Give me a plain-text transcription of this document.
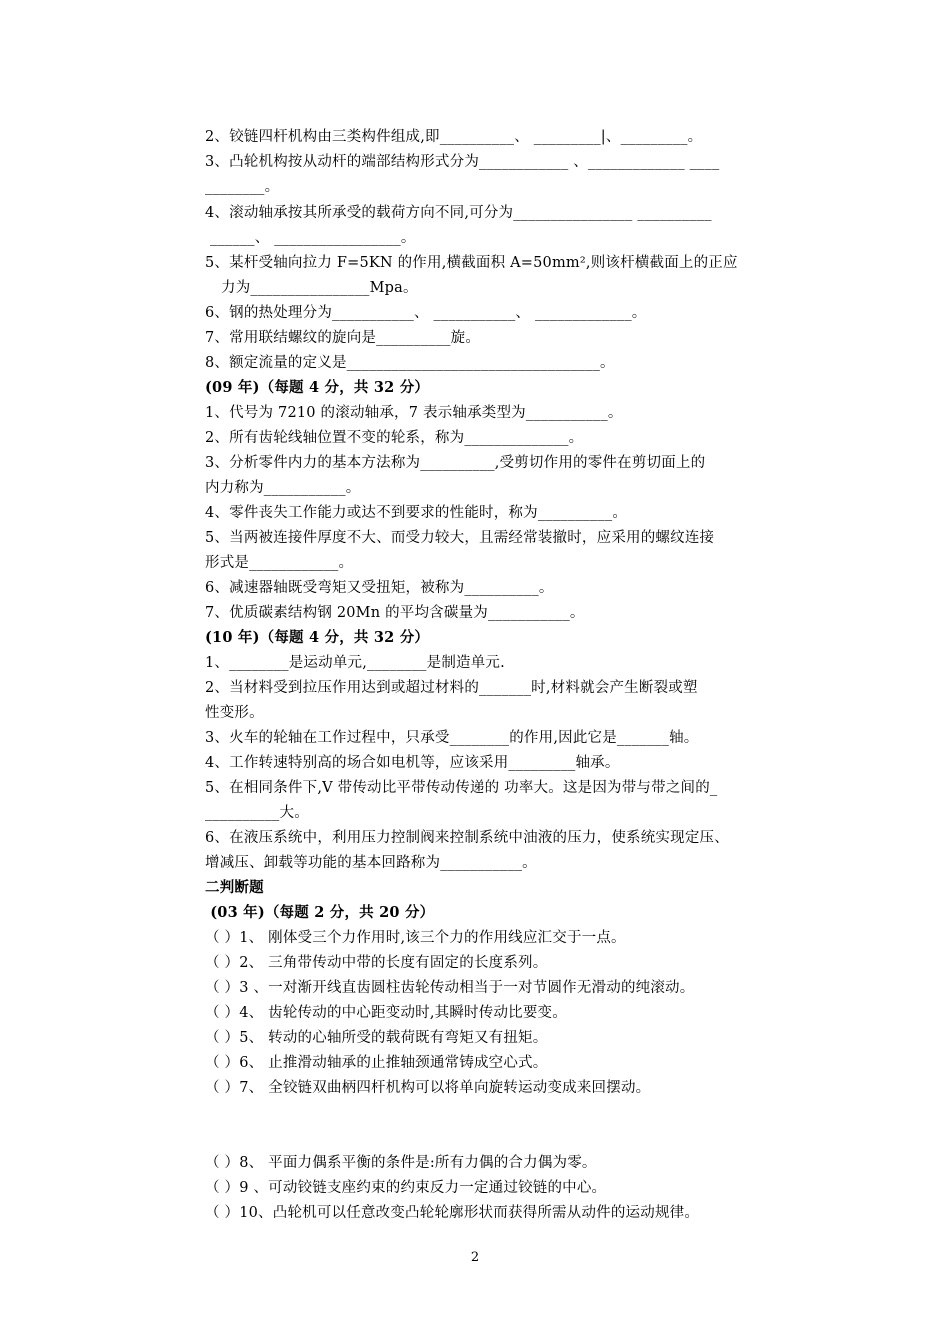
2、铰链四杆机构由三类构件组成,即__________、 _________|、_________。
3、凸轮机构按从动杆的端部结构形式分为____________ 、_____________ ____
________。
4、滚动轴承按其所承受的载荷方向不同,可分为________________ __________
______、 _________________。
5、某杆受轴向拉力 F=5KN 的作用,横截面积 A=50mm²,则该杆横截面上的正应
力为________________Mpa。
6、钢的热处理分为___________、 ___________、 _____________。
7、常用联结螺纹的旋向是__________旋。
8、额定流量的定义是__________________________________。
(09 年)（每题 4 分，共 32 分）
1、代号为 7210 的滚动轴承，7 表示轴承类型为___________。
2、所有齿轮线轴位置不变的轮系，称为______________。
3、分析零件内力的基本方法称为__________,受剪切作用的零件在剪切面上的
内力称为___________。
4、零件丧失工作能力或达不到要求的性能时，称为__________。
5、当两被连接件厚度不大、而受力较大，且需经常装撤时，应采用的螺纹连接
形式是____________。
6、减速器轴既受弯矩又受扭矩，被称为__________。
7、优质碳素结构钢 20Mn 的平均含碳量为___________。
(10 年)（每题 4 分，共 32 分）
1、________是运动单元,________是制造单元.
2、当材料受到拉压作用达到或超过材料的_______时,材料就会产生断裂或塑
性变形。
3、火车的轮轴在工作过程中，只承受________的作用,因此它是_______轴。
4、工作转速特别高的场合如电机等，应该采用_________轴承。
5、在相同条件下,V 带传动比平带传动传递的 功率大。这是因为带与带之间的_
__________大。
6、在液压系统中，利用压力控制阀来控制系统中油液的压力，使系统实现定压、
增减压、卸载等功能的基本回路称为___________。
二判断题
(03 年)（每题 2 分，共 20 分）
（ ）1、 刚体受三个力作用时,该三个力的作用线应汇交于一点。
（ ）2、 三角带传动中带的长度有固定的长度系列。
（ ）3 、一对渐开线直齿圆柱齿轮传动相当于一对节圆作无滑动的纯滚动。
（ ）4、 齿轮传动的中心距变动时,其瞬时传动比要变。
（ ）5、 转动的心轴所受的载荷既有弯矩又有扭矩。
（ ）6、 止推滑动轴承的止推轴颈通常铸成空心式。
（ ）7、 全铰链双曲柄四杆机构可以将单向旋转运动变成来回摆动。
（ ）8、 平面力偶系平衡的条件是:所有力偶的合力偶为零。
（ ）9 、可动铰链支座约束的约束反力一定通过铰链的中心。
（ ）10、凸轮机可以任意改变凸轮轮廓形状而获得所需从动件的运动规律。
2
